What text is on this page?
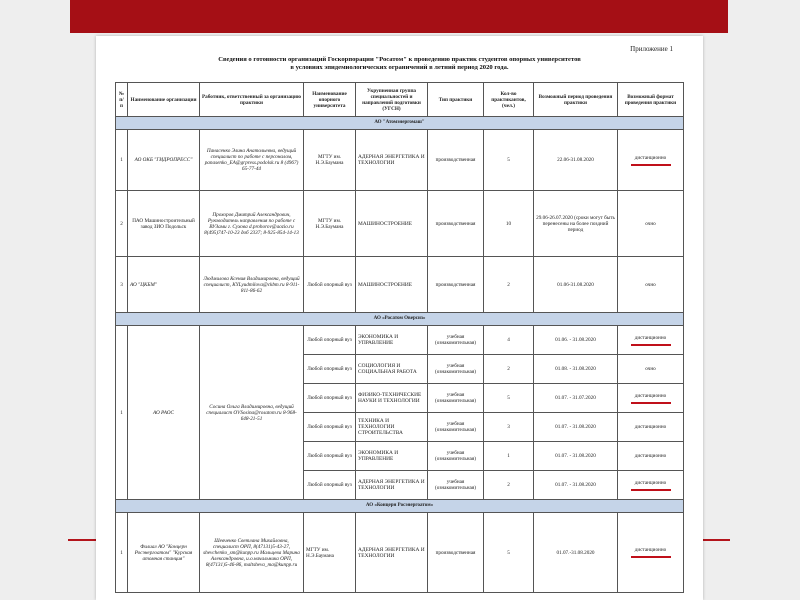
Приложение 1
Сведения о готовности организаций Госкорпорации "Росатом" к проведению практик студентов опорных университетов
в условиях эпидемиологических ограничений в летний период 2020 года.
№ п/п	Наименование организации	Работник, ответственный за организацию практики	Наименование опорного университета	Укрупненная группа специальностей и направлений подготовки (УГСН)	Тип практики	Кол-во практикантов, (чел.)	Возможный период проведения практики	Возможный формат проведения практики
АО "Атомэнергомаш"								
1	АО ОКБ "ГИДРОПРЕСС"	Панасенко Элина Анатольевна, ведущий специалист по работе с персоналом, panasenko_EA@grpress.podolsk.ru 8 (4967) 65-77-44	МГТУ им. Н.Э.Баумана	АДЕРНАЯ ЭНЕРГЕТИКА И ТЕХНОЛОГИИ	производственная	5	22.06-31.08.2020	дистанционно

2	ПАО Машиностроительный завод ЗИО Подольск	Прохоров Дмитрий Александрович, Руководитель направления по работе с ВУЗами г. Сухова d.prohorov@aozio.ru 8(495)747-10-23 доб 2337; 8-925-854-14-13	МГТУ им. Н.Э.Баумана	МАШИНОСТРОЕНИЕ	производственная	10	29.06-26.07.2020 (сроки могут быть перенесены на более поздний период	очно
3	АО "ЦКБМ"	Людмилова Ксения Владимировна, ведущий специалист, KYLyudmilova@ckbm.ru 8-911-811-86-62	Любой опорный вуз	МАШИНОСТРОЕНИЕ	производственная	2	01.06-31.08.2020	очно
АО «Росатом Оверсиз»								
1	АО РАОС	Сосина Ольга Владимировна, ведущий специалист OVSosina@rosatom.ru 8-968-648-21-51	Любой опорный вуз	ЭКОНОМИКА И УПРАВЛЕНИЕ	учебная (ознакомительная)	4	01.06. - 31.08.2020	дистанционно

			Любой опорный вуз	СОЦИОЛОГИЯ И СОЦИАЛЬНАЯ РАБОТА	учебная (ознакомительная)	2	01.08. - 31.08.2020	очно
			Любой опорный вуз	ФИЗИКО-ТЕХНИЧЕСКИЕ НАУКИ И ТЕХНОЛОГИИ	учебная (ознакомительная)	5	01.07. - 31.07.2020	дистанционно

			Любой опорный вуз	ТЕХНИКА И ТЕХНОЛОГИИ СТРОИТЕЛЬСТВА	учебная (ознакомительная)	3	01.07. - 31.08.2020	дистанционно
			Любой опорный вуз	ЭКОНОМИКА И УПРАВЛЕНИЕ	учебная (ознакомительная)	1	01.07. - 31.08.2020	дистанционно
			Любой опорный вуз	АДЕРНАЯ ЭНЕРГЕТИКА И ТЕХНОЛОГИИ	учебная (ознакомительная)	2	01.07. - 31.08.2020	дистанционно

АО «Концерн Росэнергоатом»								
1	Филиал АО "Концерн Росэнергоатом" "Курская атомная станция"	Шевченко Светлана Михайловна, специалист ОРП, 8(47131)5-43-27, shevchenko_sm@kunpp.ru Мальцева Марина Александровна, и.о.начальника ОРП, 8(47131)5-46-86, maltsheva_ma@kunpp.ru	МГТУ им. Н.Э.Баумана	АДЕРНАЯ ЭНЕРГЕТИКА И ТЕХНОЛОГИИ	производственная	5	01.07.-31.08.2020	дистанционно
